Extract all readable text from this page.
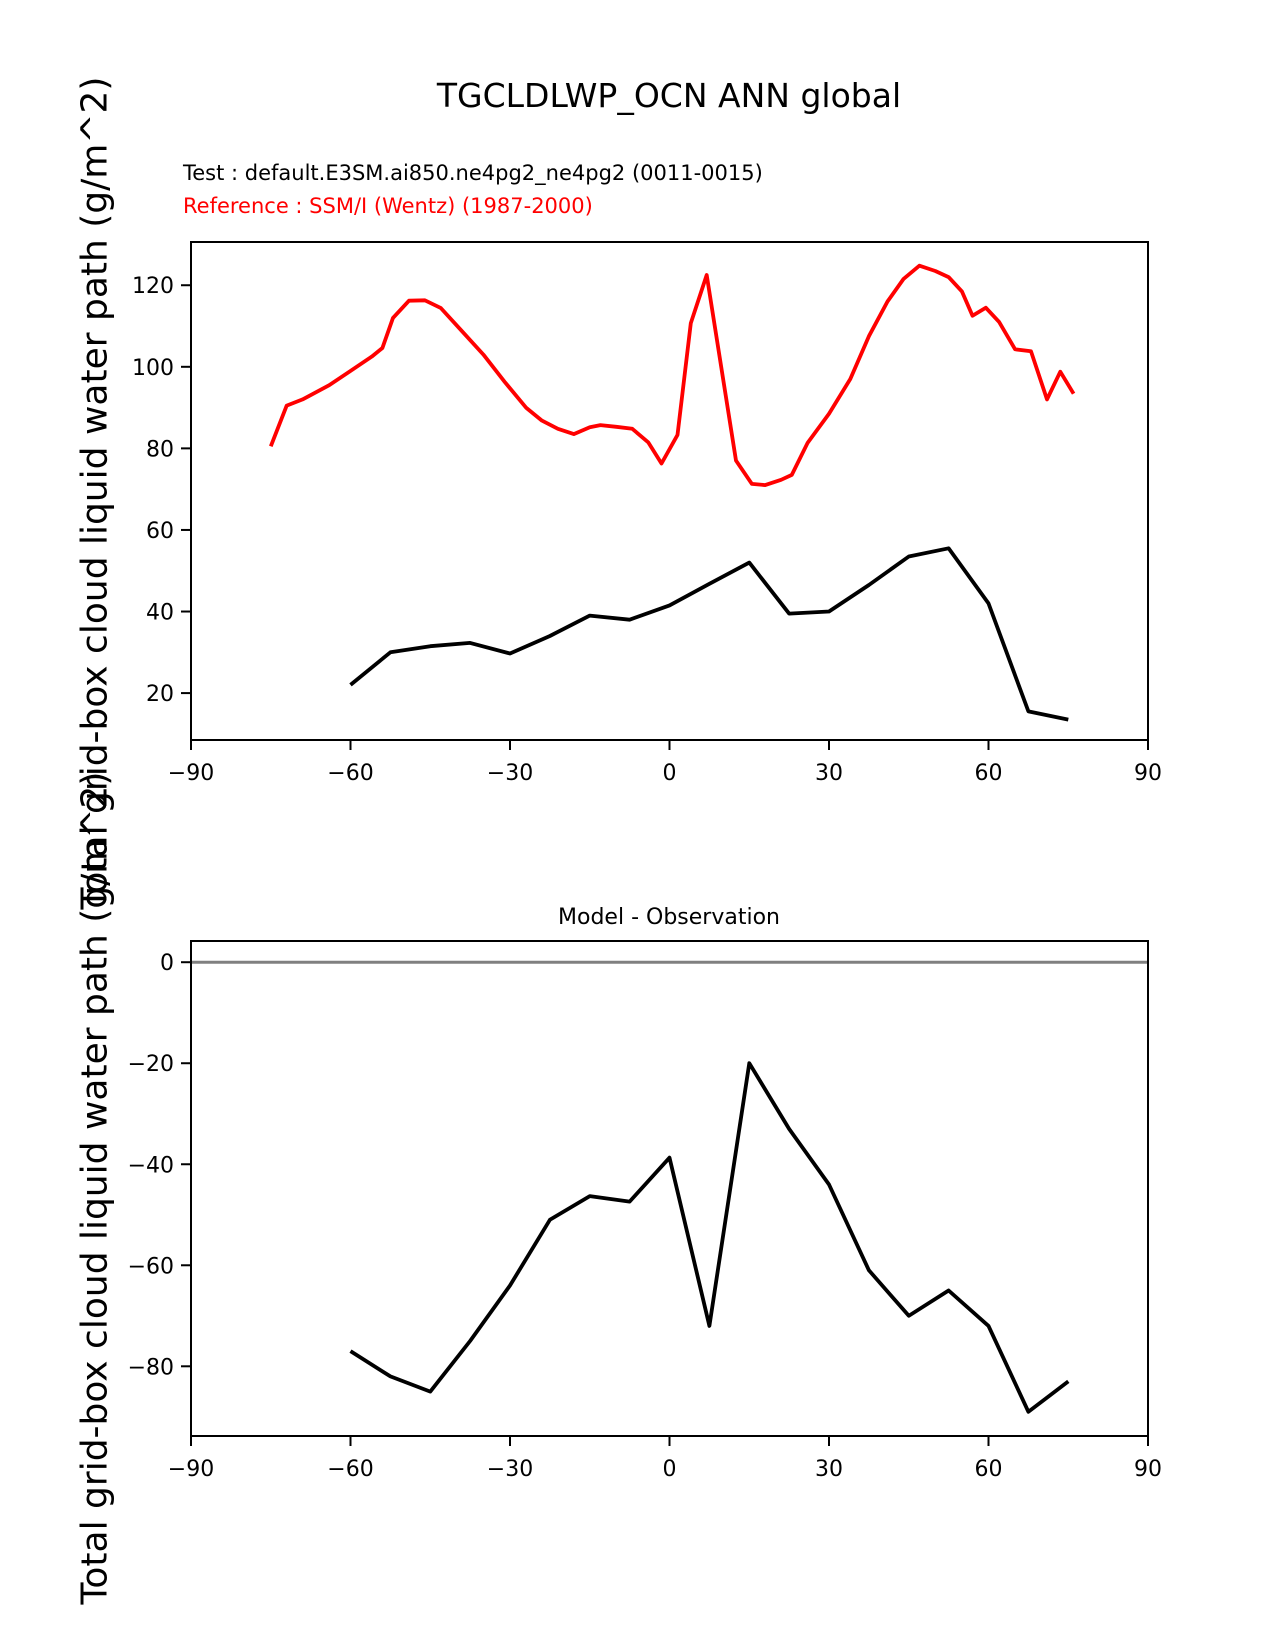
TGCLDLWP_OCN ANN global
Test : default.E3SM.ai850.ne4pg2_ne4pg2 (0011-0015)
Reference : SSM/I (Wentz) (1987-2000)
Total grid-box cloud liquid water path (g/m^2)
Total grid-box cloud liquid water path (g/m^2)	Model - Observation
−90	−60	−30	0	30	60	90
20
40
60
80
100
120
−90	−60	−30	0	30	60	90
0
−20
−40
−60
−80
